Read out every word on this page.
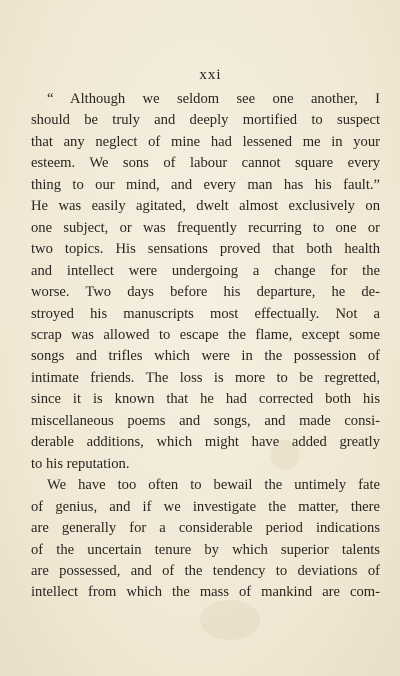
xxi
“ Although we seldom see one another, I
should be truly and deeply mortified to suspect
that any neglect of mine had lessened me in your
esteem. We sons of labour cannot square every
thing to our mind, and every man has his fault.”
He was easily agitated, dwelt almost exclusively on
one subject, or was frequently recurring to one or
two topics. His sensations proved that both health
and intellect were undergoing a change for the
worse. Two days before his departure, he de-
stroyed his manuscripts most effectually. Not a
scrap was allowed to escape the flame, except some
songs and trifles which were in the possession of
intimate friends. The loss is more to be regretted,
since it is known that he had corrected both his
miscellaneous poems and songs, and made consi-
derable additions, which might have added greatly
to his reputation.
We have too often to bewail the untimely fate
of genius, and if we investigate the matter, there
are generally for a considerable period indications
of the uncertain tenure by which superior talents
are possessed, and of the tendency to deviations of
intellect from which the mass of mankind are com-
